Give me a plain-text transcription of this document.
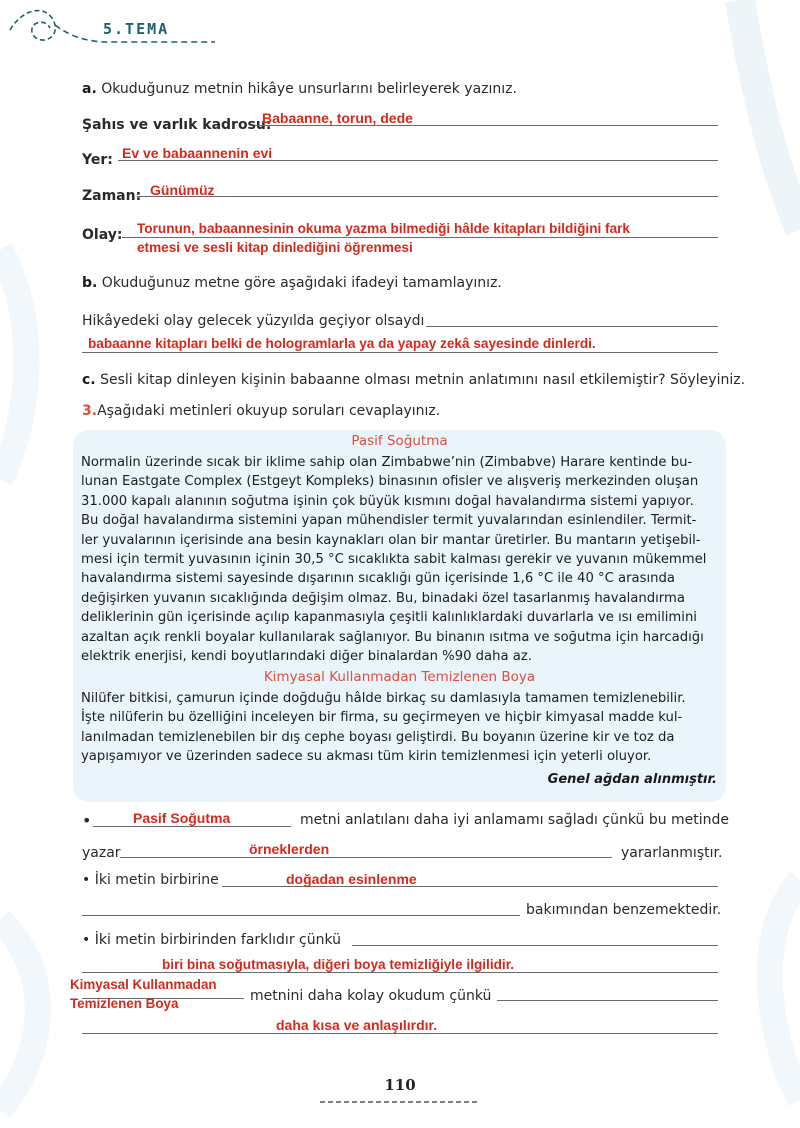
5.TEMA
a. Okuduğunuz metnin hikâye unsurlarını belirleyerek yazınız.
Şahıs ve varlık kadrosu:
Babaanne, torun, dede
Yer: Ev ve babaannenin evi
Zaman: Günümüz
Olay: Torunun, babaannesinin okuma yazma bilmediği hâlde kitapları bildiğini fark
etmesi ve sesli kitap dinlediğini öğrenmesi
b. Okuduğunuz metne göre aşağıdaki ifadeyi tamamlayınız.
Hikâyedeki olay gelecek yüzyılda geçiyor olsaydı
babaanne kitapları belki de hologramlarla ya da yapay zekâ sayesinde dinlerdi.
c. Sesli kitap dinleyen kişinin babaanne olması metnin anlatımını nasıl etkilemiştir? Söyleyiniz.
3.Aşağıdaki metinleri okuyup soruları cevaplayınız.
Pasif Soğutma
Normalin üzerinde sıcak bir iklime sahip olan Zimbabwe’nin (Zimbabve) Harare kentinde bu-
lunan Eastgate Complex (Estgeyt Kompleks) binasının ofisler ve alışveriş merkezinden oluşan
31.000 kapalı alanının soğutma işinin çok büyük kısmını doğal havalandırma sistemi yapıyor.
Bu doğal havalandırma sistemini yapan mühendisler termit yuvalarından esinlendiler. Termit-
ler yuvalarının içerisinde ana besin kaynakları olan bir mantar üretirler. Bu mantarın yetişebil-
mesi için termit yuvasının içinin 30,5 °C sıcaklıkta sabit kalması gerekir ve yuvanın mükemmel
havalandırma sistemi sayesinde dışarının sıcaklığı gün içerisinde 1,6 °C ile 40 °C arasında
değişirken yuvanın sıcaklığında değişim olmaz. Bu, binadaki özel tasarlanmış havalandırma
deliklerinin gün içerisinde açılıp kapanmasıyla çeşitli kalınlıklardaki duvarlarla ve ısı emilimini
azaltan açık renkli boyalar kullanılarak sağlanıyor. Bu binanın ısıtma ve soğutma için harcadığı
elektrik enerjisi, kendi boyutlarındaki diğer binalardan %90 daha az.
Kimyasal Kullanmadan Temizlenen Boya
Nilüfer bitkisi, çamurun içinde doğduğu hâlde birkaç su damlasıyla tamamen temizlenebilir.
İşte nilüferin bu özelliğini inceleyen bir firma, su geçirmeyen ve hiçbir kimyasal madde kul-
lanılmadan temizlenebilen bir dış cephe boyası geliştirdi. Bu boyanın üzerine kir ve toz da
yapışamıyor ve üzerinden sadece su akması tüm kirin temizlenmesi için yeterli oluyor.
Genel ağdan alınmıştır.
•	Pasif Soğutma	metni anlatılanı daha iyi anlamamı sağladı çünkü bu metinde
yazar	örneklerden	yararlanmıştır.
• İki metin birbirine	doğadan esinlenme
bakımından benzemektedir.
• İki metin birbirinden farklıdır çünkü
biri bina soğutmasıyla, diğeri boya temizliğiyle ilgilidir.
Kimyasal Kullanmadan
Temizlenen Boya	metnini daha kolay okudum çünkü
daha kısa ve anlaşılırdır.
110
